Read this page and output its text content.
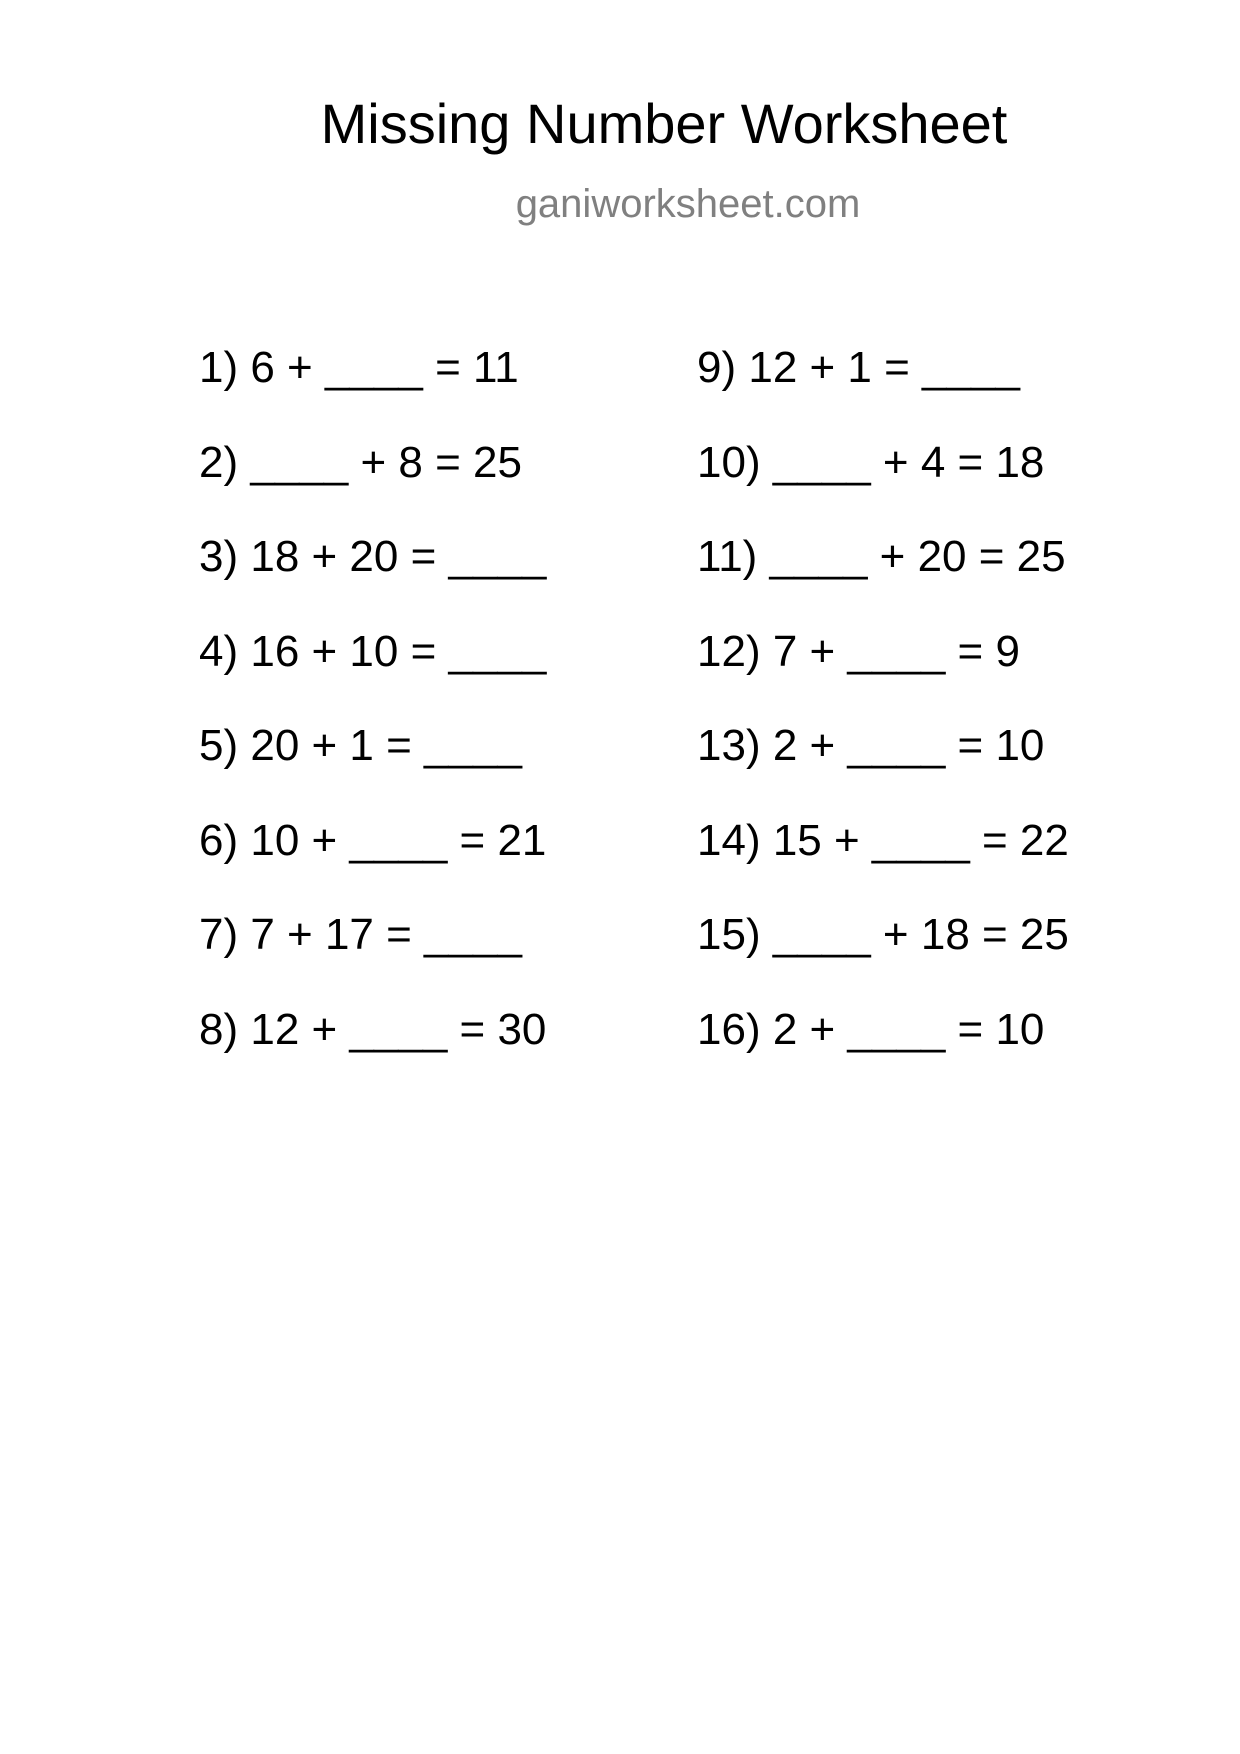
Missing Number Worksheet
ganiworksheet.com
1) 6 + ____ = 11
2) ____ + 8 = 25
3) 18 + 20 = ____
4) 16 + 10 = ____
5) 20 + 1 = ____
6) 10 + ____ = 21
7) 7 + 17 = ____
8) 12 + ____ = 30
9) 12 + 1 = ____
10) ____ + 4 = 18
11) ____ + 20 = 25
12) 7 + ____ = 9
13) 2 + ____ = 10
14) 15 + ____ = 22
15) ____ + 18 = 25
16) 2 + ____ = 10
